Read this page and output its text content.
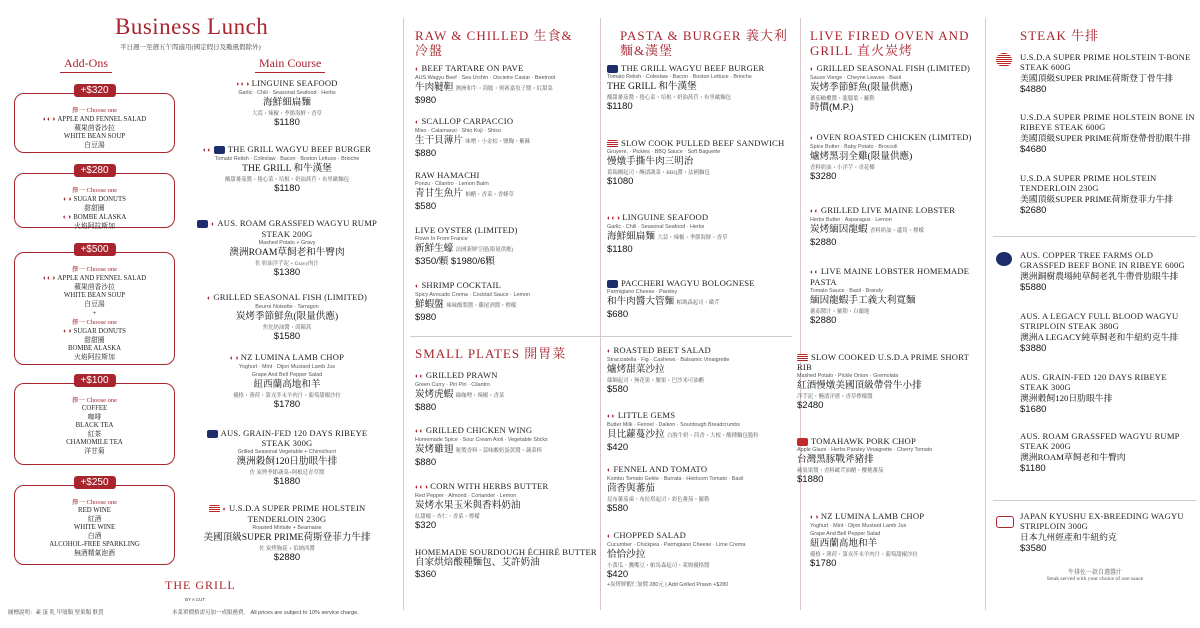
Business Lunch
平日週一至週五午間適用(國定假日及颱風假除外)
Add-Ons
+$320
擇一 Choose one
◐◐◑ APPLE AND FENNEL SALAD
蘋果茴香沙拉
WHITE BEAN SOUP
白豆湯
+$280
擇一 Choose one
◐◑ SUGAR DONUTS
甜甜圈
◐◑ BOMBE ALASKA
火焰阿拉斯加
+$500
擇一 Choose one
◐◐◑ APPLE AND FENNEL SALAD
蘋果茴香沙拉
WHITE BEAN SOUP
白豆湯
+
擇一 Choose one
◐◑ SUGAR DONUTS
甜甜圈
BOMBE ALASKA
火焰阿拉斯加
+$100
擇一 Choose one
COFFEE
咖啡
BLACK TEA
紅茶
CHAMOMILE TEA
洋甘菊
+$250
擇一 Choose one
RED WINE
紅酒
WHITE WINE
白酒
ALCOHOL-FREE SPARKLING
無酒精氣泡酒
Main Course
◐◐◑ LINGUINE SEAFOOD
Garlic · Chili · Seasonal Seafood · Herbs
海鮮細扁麵
大蒜・辣椒・季節海鮮・香草
$1180
◐◐ THE GRILL WAGYU BEEF BURGER
Tomato Relish · Coleslaw · Bacon · Boston Lettuce · Brioche
THE GRILL 和牛漢堡
酸甜蕃茄醬・捲心菜・培根・奶油萵苣・布里歐麵包
$1180
◐ AUS. ROAM GRASSFED WAGYU RUMP STEAK 200G
Mashed Potato + Gravy
澳洲ROAM草飼老和牛臀肉
佐 奶油洋芋泥 + Gravy肉汁
$1380
◐ GRILLED SEASONAL FISH (LIMITED)
Beurre Noisette · Tarragon
炭烤季節鮮魚(限量供應)
焦化奶油醬・茵陳蒿
$1580
◐◑ NZ LUMINA LAMB CHOP
Yoghurt · Mint · Dijon Mustard Lamb Jus
Grape And Bell Pepper Salad
紐西蘭高地和羊
優格・薄荷・第戎芥末羊肉汁・葡萄甜椒沙拉
$1780
AUS. GRAIN-FED 120 DAYS RIBEYE STEAK 300G
Grilled Seasonal Vegetable + Chimichurri
澳洲穀飼120日肋眼牛排
佐 炭烤季節蔬菜+阿根廷青草醬
$1880
◐ U.S.D.A SUPER PRIME HOLSTEIN TENDERLOIN 230G
Roasted Mirlaite + Bearnaise
美國頂級SUPER PRIME荷斯登菲力牛排
佐 炭烤胸菇 + 伯納西醬
$2880
THE GRILL
BY A CUT
圖標說明：素 蛋 乳 甲殼類 堅果類 麩質	本菜單價格需另加一成服務費。 All prices are subject to 10% service charge.
RAW & CHILLED 生食&冷盤
◐ BEEF TARTARE ON PAVE
AUS Wagyu Beef · Sea Urchin · Oscietre Caviar · Beetroot
牛肉韃靼 澳洲和牛・海膽・奧赛嘉魚子醬・紅甜菜
$980
◐ SCALLOP CARPACCIO
Miso · Calamansi · Shio Koji · Shiso
生干貝薄片 味噌・小金桔・鹽麴・紫蘇
$880
RAW HAMACHI
Ponzu · Cilantro · Lemon Balm
青甘生魚片 柚醋・香菜・香蜂草
$580
LIVE OYSTER (LIMITED)
Flown In From France
新鮮生蠔 法國新鮮空運(限量供應)
$350/顆 $1980/6顆
◐ SHRIMP COCKTAIL
Spicy Avocado Crema · Cocktail Sauce · Lemon
鮮蝦盤 辣味酪梨醬・雞尾酒醬・檸檬
$980
SMALL PLATES 開胃菜
◐◐ GRILLED PRAWN
Green Curry · Piri Piri · Cilantro
炭烤虎蝦 綠咖哩・辣椒・香菜
$880
◐◐ GRILLED CHICKEN WING
Homemade Spice · Sour Cream Aioli · Vegetable Sticks
炭烤雞翅 秘製香料・蒜味酸奶蛋黃醬・蔬菜棒
$880
◐◐◑ CORN WITH HERBS BUTTER
Red Pepper · Almond · Coriander · Lemon
炭烤水果玉米與香料奶油
紅甜椒・杏仁・香菜・檸檬
$320
HOMEMADE SOURDOUGH ÉCHIRÉ BUTTER
自家烘焙酸種麵包、艾許奶油
$360
◐ ROASTED BEET SALAD
Stracciatella · Fig · Cashews · Balsamic Vinaigrette
爐烤甜菜沙拉
絲綢起司・無花果・腰果・巴沙米可油醋
$580
◐◐ LITTLE GEMS
Butter Milk · Fennel · Daikon · Sourdough Breadcrumbs
貝比蘿蔓沙拉 白脫牛奶・茴香・大根・酸種麵包脆粒
$420
◐ FENNEL AND TOMATO
Kombu Tomato Gelée · Burrata · Heirloom Tomato · Basil
茴香與蕃茄
昆布蕃茄凍・布拉塔起司・彩色蕃茄・羅勒
$580
◐ CHOPPED SALAD
Cucumber · Chickpea · Parmigiano Cheese · Lime Crema
恰恰沙拉
小黃瓜・鷹嘴豆・帕馬森起司・萊姆優格醬
$420
+炭烤鮮蝦仁加價 280元 | Add Grilled Prawn +$280
PASTA & BURGER 義大利麵&漢堡
THE GRILL WAGYU BEEF BURGER
Tomato Relish · Coleslaw · Bacon · Boston Lettuce · Brioche
THE GRILL 和牛漢堡
酸甜蕃茄醬・捲心菜・培根・奶油萵苣・布里歐麵包
$1180
SLOW COOK PULLED BEEF SANDWICH
Gruyere, · Pickles · BBQ Sauce · Soft Baguette
慢燉手撕牛肉三明治
葛瑞爾起司・醃漬蔬菜・BBQ醬・法國麵包
$1080
◐◐◑ LINGUINE SEAFOOD
Garlic · Chili · Seasonal Seafood · Herbs
海鮮細扁麵 大蒜・辣椒・季節海鮮・香草
$1180
PACCHERI WAGYU BOLOGNESE
Parmigiano Cheese · Parsley
和牛肉醬大管麵 帕瑪森起司・歐芹
$680
LIVE FIRED OVEN AND GRILL 直火炭烤
◐ GRILLED SEASONAL FISH (LIMITED)
Sauce Vierge · Cheyne Leaves · Basil
炭烤季節鮮魚(限量供應)
蕃茄橄欖醬・龍腦葉・羅勒
時價(M.P.)
◐ OVEN ROASTED CHICKEN (LIMITED)
Spice Butter · Baby Potato · Broccoli
爐烤黑羽全雞(限量供應)
香料奶油・小洋芋・青花椰
$3280
◐◐ GRILLED LIVE MAINE LOBSTER
Herbs Butter · Asparagus · Lemon
炭烤緬因龍蝦 香料奶油・蘆筍・檸檬
$2880
◐◐ LIVE MAINE LOBSTER HOMEMADE PASTA
Tomato Sauce · Basil · Brandy
緬因龍蝦手工義大利寬麵
蕃茄醬汁・羅勒・白蘭地
$2880
SLOW COOKED U.S.D.A PRIME SHORT RIB
Mashed Potato · Pickle Onion · Gremolata
紅酒慢燉美國頂級帶骨牛小排
洋芋泥・醃漬洋蔥・香草檸檬醬
$2480
TOMAHAWK PORK CHOP
Apple Glaze · Herbs Parsley Vinaigrette · Cherry Tomato
台灣黑豚戰斧豬排
蘋果果醬・香料歐芹油醋・櫻桃蕃茄
$1880
◐◑ NZ LUMINA LAMB CHOP
Yoghurt · Mint · Dijon Mustard Lamb Jus
Grape And Bell Pepper Salad
紐西蘭高地和羊
優格・薄荷・第戎芥末羊肉汁・葡萄甜椒沙拉
$1780
STEAK 牛排
U.S.D.A SUPER PRIME HOLSTEIN T-BONE STEAK 600G
美國頂級SUPER PRIME荷斯登丁骨牛排
$4880
U.S.D.A SUPER PRIME HOLSTEIN BONE IN RIBEYE STEAK 600G
美國頂級SUPER PRIME荷斯登帶骨肋眼牛排
$4680
U.S.D.A SUPER PRIME HOLSTEIN TENDERLOIN 230G
美國頂級SUPER PRIME荷斯登菲力牛排
$2680
AUS. COPPER TREE FARMS OLD GRASSFED BEEF BONE IN RIBEYE 600G
澳洲銅樹農場純草飼老乳牛帶骨肋眼牛排
$5880
AUS. A LEGACY FULL BLOOD WAGYU STRIPLOIN STEAK 380G
澳洲A LEGACY純草飼老和牛紐約克牛排
$3880
AUS. GRAIN-FED 120 DAYS RIBEYE STEAK 300G
澳洲穀飼120日肋眼牛排
$1680
AUS. ROAM GRASSFED WAGYU RUMP STEAK 200G
澳洲ROAM草飼老和牛臀肉
$1180
JAPAN KYUSHU EX-BREEDING WAGYU STRIPLOIN 300G
日本九州經產和牛紐約克
$3580
牛排佐一款自選醬汁
Steak served with your choice of one sauce
